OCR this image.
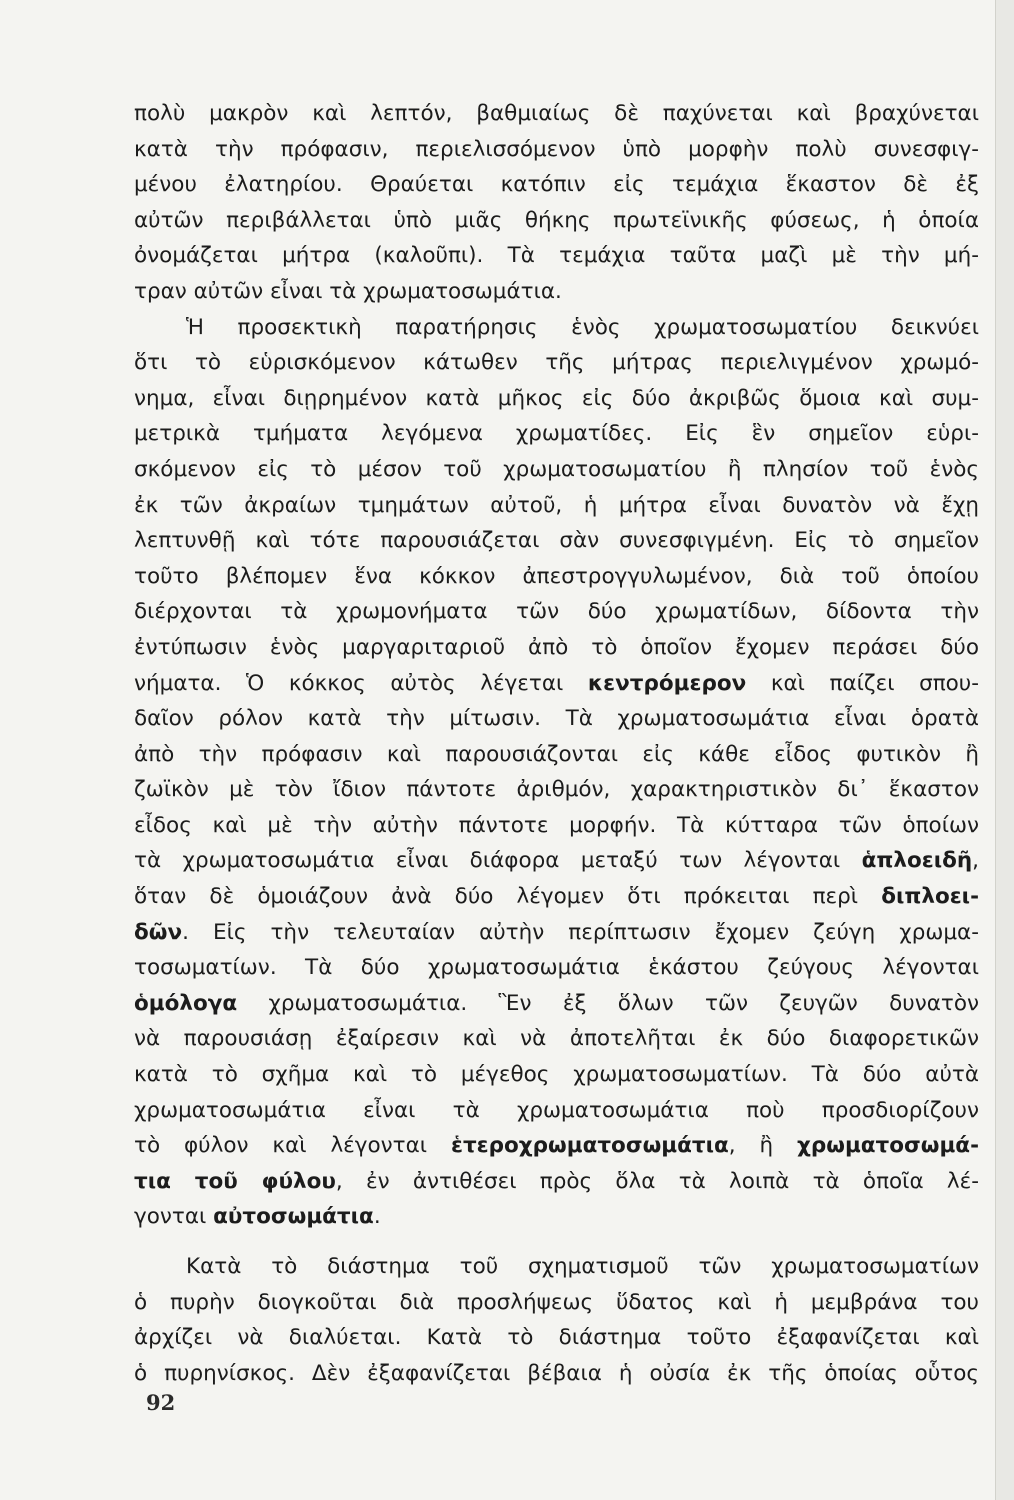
πολὺ μακρὸν καὶ λεπτόν, βαθμιαίως δὲ παχύνεται καὶ βραχύνεται
κατὰ τὴν πρόφασιν, περιελισσόμενον ὑπὸ μορφὴν πολὺ συνεσφιγ-
μένου ἐλατηρίου. Θραύεται κατόπιν εἰς τεμάχια ἕκαστον δὲ ἐξ
αὐτῶν περιβάλλεται ὑπὸ μιᾶς θήκης πρωτεϊνικῆς φύσεως, ἡ ὁποία
ὀνομάζεται μήτρα (καλοῦπι). Τὰ τεμάχια ταῦτα μαζὶ μὲ τὴν μή-
τραν αὐτῶν εἶναι τὰ χρωματοσωμάτια.
Ἡ προσεκτικὴ παρατήρησις ἑνὸς χρωματοσωματίου δεικνύει
ὅτι τὸ εὑρισκόμενον κάτωθεν τῆς μήτρας περιελιγμένον χρωμό-
νημα, εἶναι διῃρημένον κατὰ μῆκος εἰς δύο ἀκριβῶς ὅμοια καὶ συμ-
μετρικὰ τμήματα λεγόμενα χρωματίδες. Εἰς ἓν σημεῖον εὑρι-
σκόμενον εἰς τὸ μέσον τοῦ χρωματοσωματίου ἢ πλησίον τοῦ ἑνὸς
ἐκ τῶν ἀκραίων τμημάτων αὐτοῦ, ἡ μήτρα εἶναι δυνατὸν νὰ ἔχῃ
λεπτυνθῇ καὶ τότε παρουσιάζεται σὰν συνεσφιγμένη. Εἰς τὸ σημεῖον
τοῦτο βλέπομεν ἕνα κόκκον ἀπεστρογγυλωμένον, διὰ τοῦ ὁποίου
διέρχονται τὰ χρωμονήματα τῶν δύο χρωματίδων, δίδοντα τὴν
ἐντύπωσιν ἑνὸς μαργαριταριοῦ ἀπὸ τὸ ὁποῖον ἔχομεν περάσει δύο
νήματα. Ὁ κόκκος αὐτὸς λέγεται κεντρόμερον καὶ παίζει σπου-
δαῖον ρόλον κατὰ τὴν μίτωσιν. Τὰ χρωματοσωμάτια εἶναι ὁρατὰ
ἀπὸ τὴν πρόφασιν καὶ παρουσιάζονται εἰς κάθε εἶδος φυτικὸν ἢ
ζωϊκὸν μὲ τὸν ἴδιον πάντοτε ἀριθμόν, χαρακτηριστικὸν δι᾽ ἕκαστον
εἶδος καὶ μὲ τὴν αὐτὴν πάντοτε μορφήν. Τὰ κύτταρα τῶν ὁποίων
τὰ χρωματοσωμάτια εἶναι διάφορα μεταξύ των λέγονται ἁπλοειδῆ,
ὅταν δὲ ὁμοιάζουν ἀνὰ δύο λέγομεν ὅτι πρόκειται περὶ διπλοει-
δῶν. Εἰς τὴν τελευταίαν αὐτὴν περίπτωσιν ἔχομεν ζεύγη χρωμα-
τοσωματίων. Τὰ δύο χρωματοσωμάτια ἑκάστου ζεύγους λέγονται
ὁμόλογα χρωματοσωμάτια. Ἓν ἐξ ὅλων τῶν ζευγῶν δυνατὸν
νὰ παρουσιάσῃ ἐξαίρεσιν καὶ νὰ ἀποτελῆται ἐκ δύο διαφορετικῶν
κατὰ τὸ σχῆμα καὶ τὸ μέγεθος χρωματοσωματίων. Τὰ δύο αὐτὰ
χρωματοσωμάτια εἶναι τὰ χρωματοσωμάτια ποὺ προσδιορίζουν
τὸ φύλον καὶ λέγονται ἑτεροχρωματοσωμάτια, ἢ χρωματοσωμά-
τια τοῦ φύλου, ἐν ἀντιθέσει πρὸς ὅλα τὰ λοιπὰ τὰ ὁποῖα λέ-
γονται αὐτοσωμάτια.
Κατὰ τὸ διάστημα τοῦ σχηματισμοῦ τῶν χρωματοσωματίων
ὁ πυρὴν διογκοῦται διὰ προσλήψεως ὕδατος καὶ ἡ μεμβράνα του
ἀρχίζει νὰ διαλύεται. Κατὰ τὸ διάστημα τοῦτο ἐξαφανίζεται καὶ
ὁ πυρηνίσκος. Δὲν ἐξαφανίζεται βέβαια ἡ οὐσία ἐκ τῆς ὁποίας οὗτος
92
